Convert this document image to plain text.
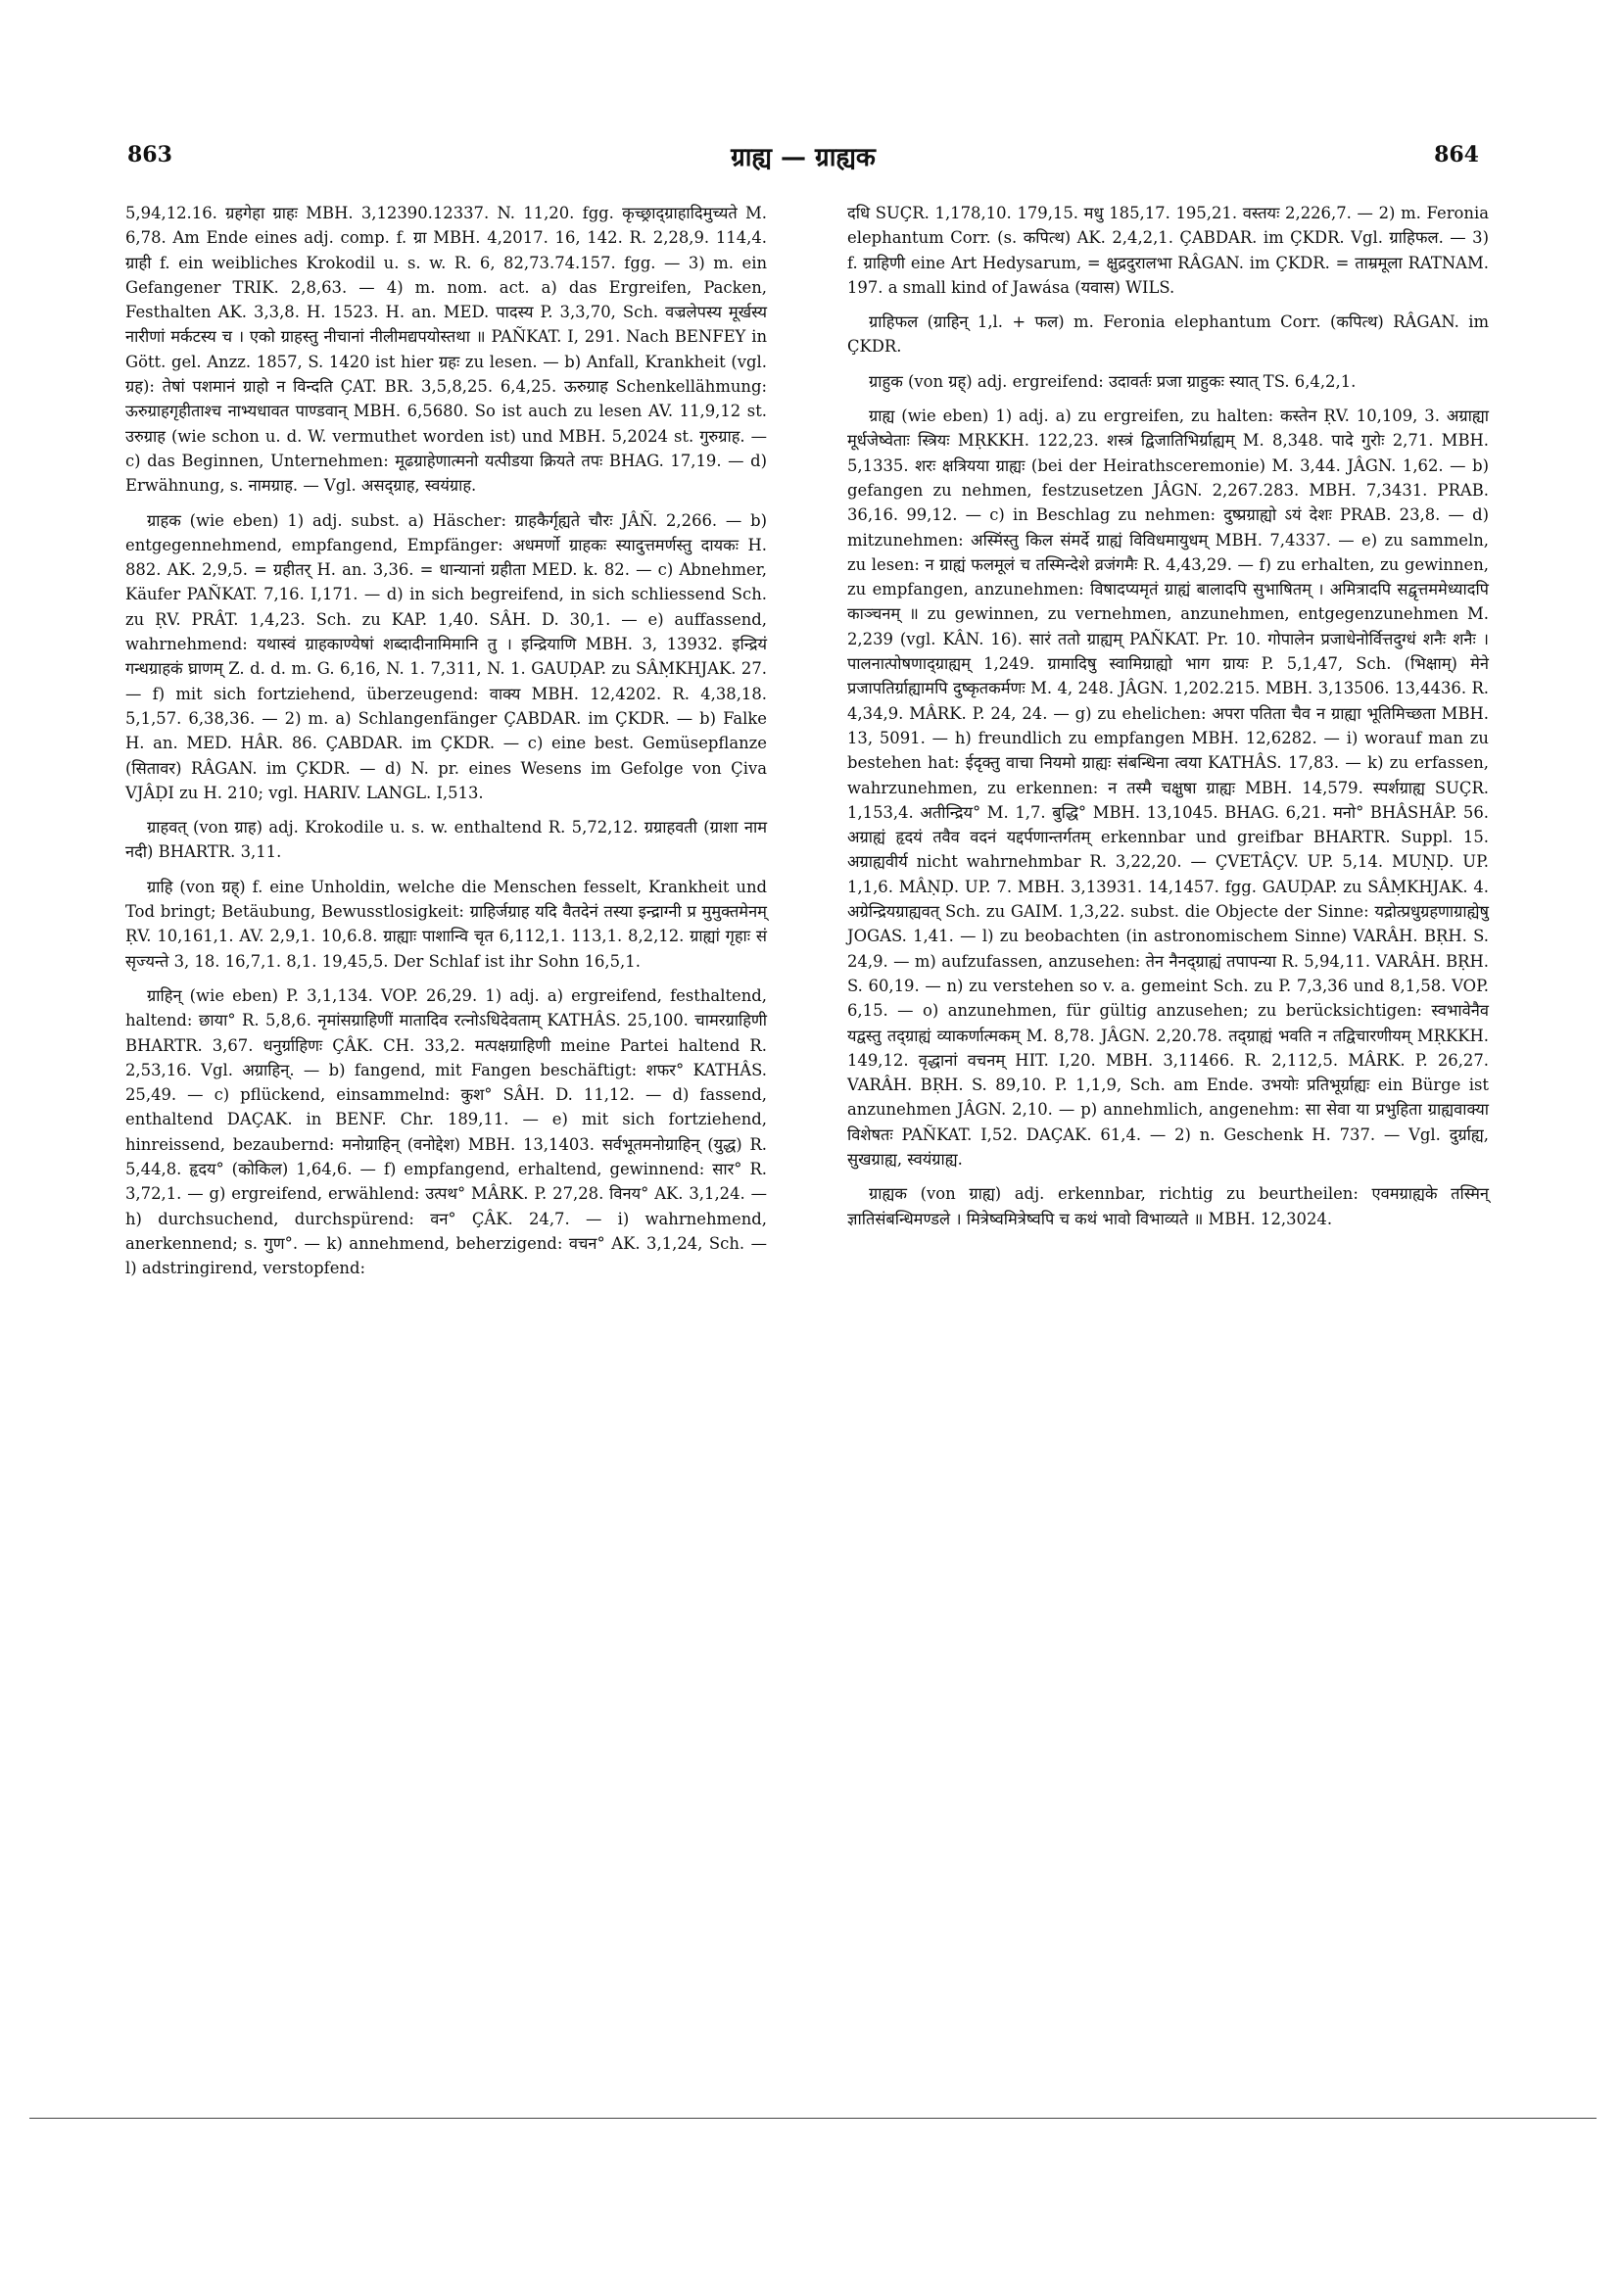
863	ग्राह्य — ग्राह्यक	864

5,94,12.16. ग्रहगेहा ग्राहः MBH. 3,12390.12337. N. 11,20. fgg. कृच्छ्राद्ग्राहादिमुच्यते M. 6,78. Am Ende eines adj. comp. f. ग्रा MBH. 4,2017. 16, 142. R. 2,28,9. 114,4. ग्राही f. ein weibliches Krokodil u. s. w. R. 6, 82,73.74.157. fgg. — 3) m. ein Gefangener TRIK. 2,8,63. — 4) m. nom. act. a) das Ergreifen, Packen, Festhalten AK. 3,3,8. H. 1523. H. an. MED. पादस्य P. 3,3,70, Sch. वज्रलेपस्य मूर्खस्य नारीणां मर्कटस्य च । एको ग्राहस्तु नीचानां नीलीमद्यपयोस्तथा ॥ PAÑKAT. I, 291. Nach BENFEY in Gött. gel. Anzz. 1857, S. 1420 ist hier ग्रहः zu lesen. — b) Anfall, Krankheit (vgl. ग्रह): तेषां पशमानं ग्राहो न विन्दति ÇAT. BR. 3,5,8,25. 6,4,25. ऊरुग्राह Schenkellähmung: ऊरुग्राहगृहीताश्च नाभ्यधावत पाण्डवान् MBH. 6,5680. So ist auch zu lesen AV. 11,9,12 st. उरुग्राह (wie schon u. d. W. vermuthet worden ist) und MBH. 5,2024 st. गुरुग्राह. — c) das Beginnen, Unternehmen: मूढग्राहेणात्मनो यत्पीडया क्रियते तपः BHAG. 17,19. — d) Erwähnung, s. नामग्राह. — Vgl. असद्ग्राह, स्वयंग्राह.

ग्राहक (wie eben) 1) adj. subst. a) Häscher: ग्राहकैर्गृह्यते चौरः JÂÑ. 2,266. — b) entgegennehmend, empfangend, Empfänger: अधमर्णो ग्राहकः स्यादुत्तमर्णस्तु दायकः H. 882. AK. 2,9,5. = ग्रहीतर् H. an. 3,36. = धान्यानां ग्रहीता MED. k. 82. — c) Abnehmer, Käufer PAÑKAT. 7,16. I,171. — d) in sich begreifend, in sich schliessend Sch. zu ṚV. PRÂT. 1,4,23. Sch. zu KAP. 1,40. SÂH. D. 30,1. — e) auffassend, wahrnehmend: यथास्वं ग्राहकाण्येषां शब्दादीनामिमानि तु । इन्द्रियाणि MBH. 3, 13932. इन्द्रियं गन्धग्राहकं घ्राणम् Z. d. d. m. G. 6,16, N. 1. 7,311, N. 1. GAUḌAP. zu SÂṂKHJAK. 27. — f) mit sich fortziehend, überzeugend: वाक्य MBH. 12,4202. R. 4,38,18. 5,1,57. 6,38,36. — 2) m. a) Schlangenfänger ÇABDAR. im ÇKDR. — b) Falke H. an. MED. HÂR. 86. ÇABDAR. im ÇKDR. — c) eine best. Gemüsepflanze (सितावर) RÂGAN. im ÇKDR. — d) N. pr. eines Wesens im Gefolge von Çiva VJÂḌI zu H. 210; vgl. HARIV. LANGL. I,513.

ग्राहवत् (von ग्राह) adj. Krokodile u. s. w. enthaltend R. 5,72,12. ग्रग्राहवती (ग्राशा नाम नदी) BHARTR. 3,11.

ग्राहि (von ग्रह्) f. eine Unholdin, welche die Menschen fesselt, Krankheit und Tod bringt; Betäubung, Bewusstlosigkeit: ग्राहिर्जग्राह यदि वैतदेनं तस्या इन्द्राग्नी प्र मुमुक्तमेनम् ṚV. 10,161,1. AV. 2,9,1. 10,6.8. ग्राह्याः पाशान्वि चृत 6,112,1. 113,1. 8,2,12. ग्राह्यां गृहाः सं सृज्यन्ते 3, 18. 16,7,1. 8,1. 19,45,5. Der Schlaf ist ihr Sohn 16,5,1.

ग्राहिन् (wie eben) P. 3,1,134. VOP. 26,29. 1) adj. a) ergreifend, festhaltend, haltend: छाया° R. 5,8,6. नृमांसग्राहिणीं मातादिव रत्नोऽधिदेवताम् KATHÂS. 25,100. चामरग्राहिणी BHARTR. 3,67. धनुर्ग्राहिणः ÇÂK. CH. 33,2. मत्पक्षग्राहिणी meine Partei haltend R. 2,53,16. Vgl. अग्राहिन्. — b) fangend, mit Fangen beschäftigt: शफर° KATHÂS. 25,49. — c) pflückend, einsammelnd: कुश° SÂH. D. 11,12. — d) fassend, enthaltend DAÇAK. in BENF. Chr. 189,11. — e) mit sich fortziehend, hinreissend, bezaubernd: मनोग्राहिन् (वनोद्देश) MBH. 13,1403. सर्वभूतमनोग्राहिन् (युद्ध) R. 5,44,8. हृदय° (कोकिल) 1,64,6. — f) empfangend, erhaltend, gewinnend: सार° R. 3,72,1. — g) ergreifend, erwählend: उत्पथ° MÂRK. P. 27,28. विनय° AK. 3,1,24. — h) durchsuchend, durchspürend: वन° ÇÂK. 24,7. — i) wahrnehmend, anerkennend; s. गुण°. — k) annehmend, beherzigend: वचन° AK. 3,1,24, Sch. — l) adstringirend, verstopfend:

दधि SUÇR. 1,178,10. 179,15. मधु 185,17. 195,21. वस्तयः 2,226,7. — 2) m. Feronia elephantum Corr. (s. कपित्थ) AK. 2,4,2,1. ÇABDAR. im ÇKDR. Vgl. ग्राहिफल. — 3) f. ग्राहिणी eine Art Hedysarum, = क्षुद्रदुरालभा RÂGAN. im ÇKDR. = ताम्रमूला RATNAM. 197. a small kind of Jawása (यवास) WILS.

ग्राहिफल (ग्राहिन् 1,l. + फल) m. Feronia elephantum Corr. (कपित्थ) RÂGAN. im ÇKDR.

ग्राहुक (von ग्रह्) adj. ergreifend: उदावर्तः प्रजा ग्राहुकः स्यात् TS. 6,4,2,1.

ग्राह्य (wie eben) 1) adj. a) zu ergreifen, zu halten: कस्तेन ṚV. 10,109, 3. अग्राह्या मूर्धजेष्वेताः स्त्रियः MṚKKH. 122,23. शस्त्रं द्विजातिभिर्ग्राह्यम् M. 8,348. पादे गुरोः 2,71. MBH. 5,1335. शरः क्षत्रियया ग्राह्यः (bei der Heirathsceremonie) M. 3,44. JÂGN. 1,62. — b) gefangen zu nehmen, festzusetzen JÂGN. 2,267.283. MBH. 7,3431. PRAB. 36,16. 99,12. — c) in Beschlag zu nehmen: दुष्प्रग्राह्यो ऽयं देशः PRAB. 23,8. — d) mitzunehmen: अस्मिंस्तु किल संमर्दे ग्राह्यं विविधमायुधम् MBH. 7,4337. — e) zu sammeln, zu lesen: न ग्राह्यं फलमूलं च तस्मिन्देशे व्रजंगमैः R. 4,43,29. — f) zu erhalten, zu gewinnen, zu empfangen, anzunehmen: विषादप्यमृतं ग्राह्यं बालादपि सुभाषितम् । अमित्रादपि सद्वृत्तममेध्यादपि काञ्चनम् ॥ zu gewinnen, zu vernehmen, anzunehmen, entgegenzunehmen M. 2,239 (vgl. KÂN. 16). सारं ततो ग्राह्यम् PAÑKAT. Pr. 10. गोपालेन प्रजाधेनोर्वित्तदुग्धं शनैः शनैः । पालनात्पोषणाद्ग्राह्यम् 1,249. ग्रामादिषु स्वामिग्राह्यो भाग ग्रायः P. 5,1,47, Sch. (भिक्षाम्) मेने प्रजापतिर्ग्राह्यामपि दुष्कृतकर्मणः M. 4, 248. JÂGN. 1,202.215. MBH. 3,13506. 13,4436. R. 4,34,9. MÂRK. P. 24, 24. — g) zu ehelichen: अपरा पतिता चैव न ग्राह्या भूतिमिच्छता MBH. 13, 5091. — h) freundlich zu empfangen MBH. 12,6282. — i) worauf man zu bestehen hat: ईदृक्तु वाचा नियमो ग्राह्यः संबन्धिना त्वया KATHÂS. 17,83. — k) zu erfassen, wahrzunehmen, zu erkennen: न तस्मै चक्षुषा ग्राह्यः MBH. 14,579. स्पर्शग्राह्य SUÇR. 1,153,4. अतीन्द्रिय° M. 1,7. बुद्धि° MBH. 13,1045. BHAG. 6,21. मनो° BHÂSHÂP. 56. अग्राह्यं हृदयं तवैव वदनं यद्दर्पणान्तर्गतम् erkennbar und greifbar BHARTR. Suppl. 15. अग्राह्यवीर्य nicht wahrnehmbar R. 3,22,20. — ÇVETÂÇV. UP. 5,14. MUṆḌ. UP. 1,1,6. MÂṆḌ. UP. 7. MBH. 3,13931. 14,1457. fgg. GAUḌAP. zu SÂṂKHJAK. 4. अग्रेन्द्रियग्राह्यवत् Sch. zu GAIM. 1,3,22. subst. die Objecte der Sinne: यद्रोत्प्रधुग्रहणाग्राह्येषु JOGAS. 1,41. — l) zu beobachten (in astronomischem Sinne) VARÂH. BṚH. S. 24,9. — m) aufzufassen, anzusehen: तेन नैनद्ग्राह्यं तपापन्या R. 5,94,11. VARÂH. BṚH. S. 60,19. — n) zu verstehen so v. a. gemeint Sch. zu P. 7,3,36 und 8,1,58. VOP. 6,15. — o) anzunehmen, für gültig anzusehen; zu berücksichtigen: स्वभावेनैव यद्वस्तु तद्ग्राह्यं व्याकर्णात्मकम् M. 8,78. JÂGN. 2,20.78. तद्ग्राह्यं भवति न तद्विचारणीयम् MṚKKH. 149,12. वृद्धानां वचनम् HIT. I,20. MBH. 3,11466. R. 2,112,5. MÂRK. P. 26,27. VARÂH. BṚH. S. 89,10. P. 1,1,9, Sch. am Ende. उभयोः प्रतिभूर्ग्राह्यः ein Bürge ist anzunehmen JÂGN. 2,10. — p) annehmlich, angenehm: सा सेवा या प्रभुहिता ग्राह्यवाक्या विशेषतः PAÑKAT. I,52. DAÇAK. 61,4. — 2) n. Geschenk H. 737. — Vgl. दुर्ग्राह्य, सुखग्राह्य, स्वयंग्राह्य.

ग्राह्यक (von ग्राह्य) adj. erkennbar, richtig zu beurtheilen: एवमग्राह्यके तस्मिन् ज्ञातिसंबन्धिमण्डले । मित्रेष्वमित्रेष्वपि च कथं भावो विभाव्यते ॥ MBH. 12,3024.
